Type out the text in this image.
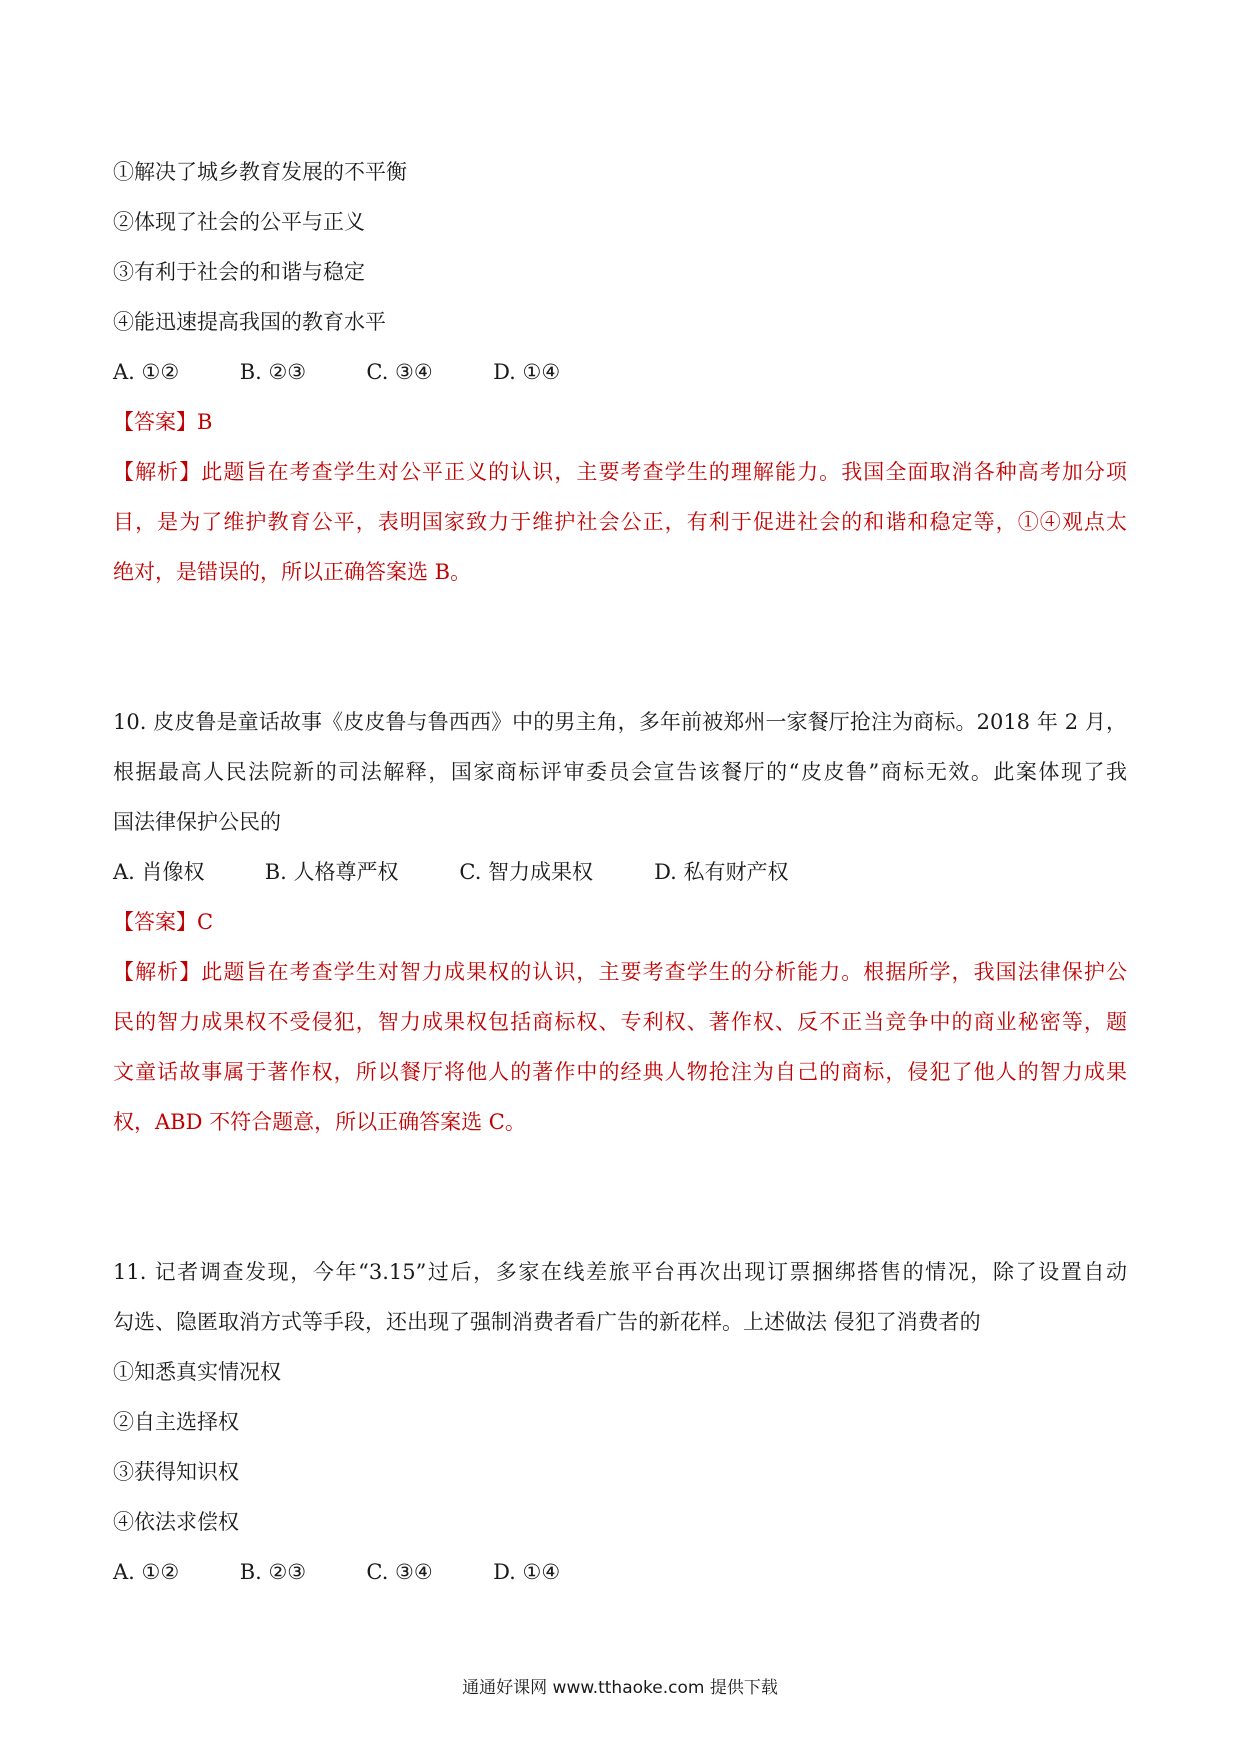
①解决了城乡教育发展的不平衡
②体现了社会的公平与正义
③有利于社会的和谐与稳定
④能迅速提高我国的教育水平
A. ①②	B. ②③	C. ③④	D. ①④
【答案】B
【解析】此题旨在考查学生对公平正义的认识，主要考查学生的理解能力。我国全面取消各种高考加分项
目，是为了维护教育公平，表明国家致力于维护社会公正，有利于促进社会的和谐和稳定等，①④观点太
绝对，是错误的，所以正确答案选 B。
10. 皮皮鲁是童话故事《皮皮鲁与鲁西西》中的男主角，多年前被郑州一家餐厅抢注为商标。2018 年 2 月，
根据最高人民法院新的司法解释，国家商标评审委员会宣告该餐厅的“皮皮鲁”商标无效。此案体现了我
国法律保护公民的
A. 肖像权	B. 人格尊严权	C. 智力成果权	D. 私有财产权
【答案】C
【解析】此题旨在考查学生对智力成果权的认识，主要考查学生的分析能力。根据所学，我国法律保护公
民的智力成果权不受侵犯，智力成果权包括商标权、专利权、著作权、反不正当竞争中的商业秘密等，题
文童话故事属于著作权，所以餐厅将他人的著作中的经典人物抢注为自己的商标，侵犯了他人的智力成果
权，ABD 不符合题意，所以正确答案选 C。
11. 记者调查发现，今年“3.15”过后，多家在线差旅平台再次出现订票捆绑搭售的情况，除了设置自动
勾选、隐匿取消方式等手段，还出现了强制消费者看广告的新花样。上述做法 侵犯了消费者的
①知悉真实情况权
②自主选择权
③获得知识权
④依法求偿权
A. ①②	B. ②③	C. ③④	D. ①④
通通好课网 www.tthaoke.com 提供下载
